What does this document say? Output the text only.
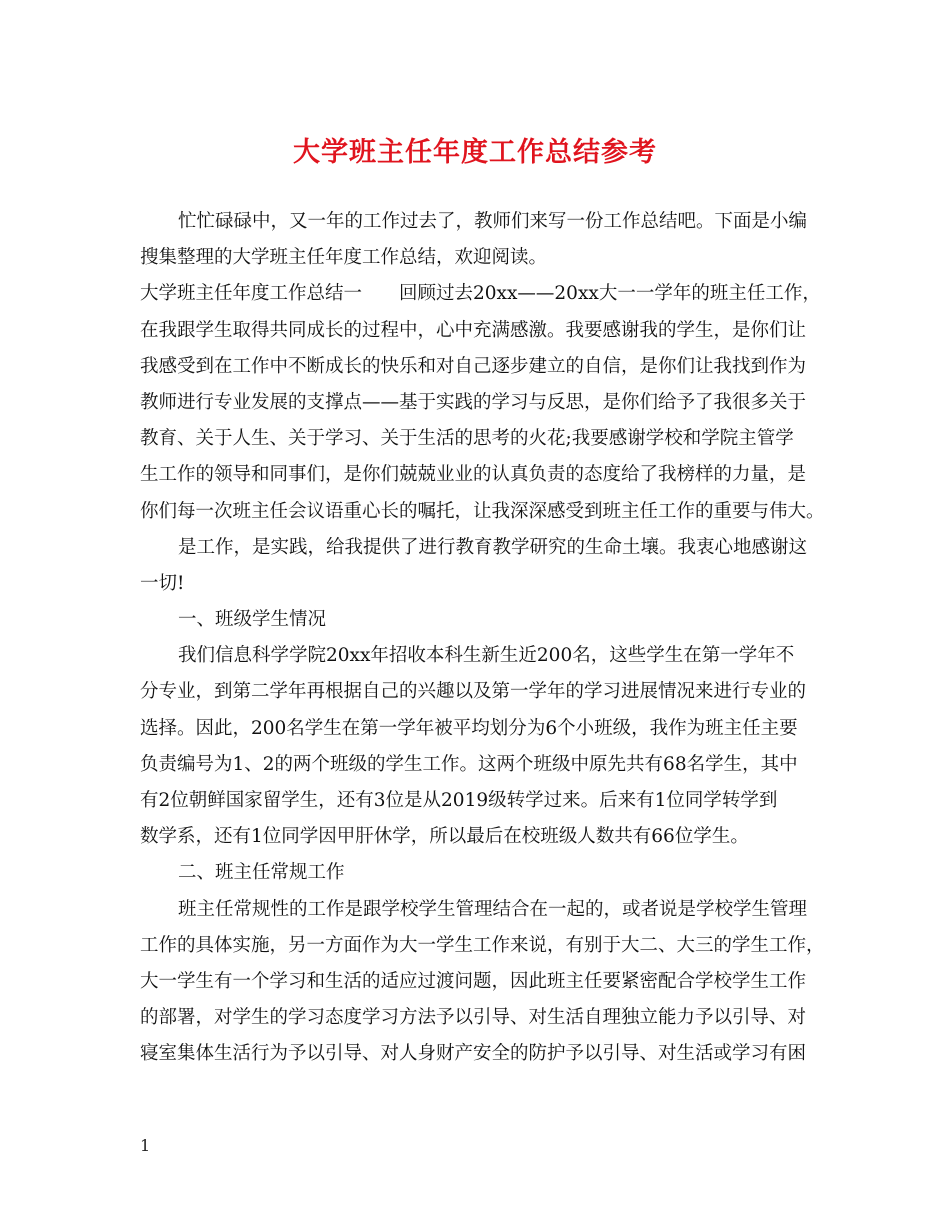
大学班主任年度工作总结参考
忙忙碌碌中，又一年的工作过去了，教师们来写一份工作总结吧。下面是小编
搜集整理的大学班主任年度工作总结，欢迎阅读。
大学班主任年度工作总结一　　回顾过去20xx——20xx大一一学年的班主任工作，
在我跟学生取得共同成长的过程中，心中充满感激。我要感谢我的学生，是你们让
我感受到在工作中不断成长的快乐和对自己逐步建立的自信，是你们让我找到作为
教师进行专业发展的支撑点——基于实践的学习与反思，是你们给予了我很多关于
教育、关于人生、关于学习、关于生活的思考的火花;我要感谢学校和学院主管学
生工作的领导和同事们，是你们兢兢业业的认真负责的态度给了我榜样的力量，是
你们每一次班主任会议语重心长的嘱托，让我深深感受到班主任工作的重要与伟大。
是工作，是实践，给我提供了进行教育教学研究的生命土壤。我衷心地感谢这
一切!
一、班级学生情况
我们信息科学学院20xx年招收本科生新生近200名，这些学生在第一学年不
分专业，到第二学年再根据自己的兴趣以及第一学年的学习进展情况来进行专业的
选择。因此，200名学生在第一学年被平均划分为6个小班级，我作为班主任主要
负责编号为1、2的两个班级的学生工作。这两个班级中原先共有68名学生，其中
有2位朝鲜国家留学生，还有3位是从2019级转学过来。后来有1位同学转学到
数学系，还有1位同学因甲肝休学，所以最后在校班级人数共有66位学生。
二、班主任常规工作
班主任常规性的工作是跟学校学生管理结合在一起的，或者说是学校学生管理
工作的具体实施，另一方面作为大一学生工作来说，有别于大二、大三的学生工作，
大一学生有一个学习和生活的适应过渡问题，因此班主任要紧密配合学校学生工作
的部署，对学生的学习态度学习方法予以引导、对生活自理独立能力予以引导、对
寝室集体生活行为予以引导、对人身财产安全的防护予以引导、对生活或学习有困
1
